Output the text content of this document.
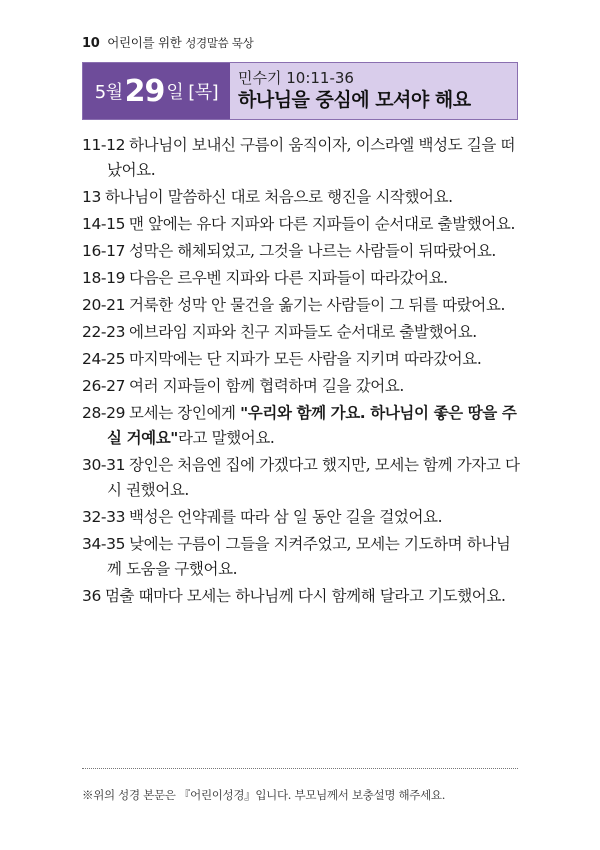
10 어린이를 위한 성경말씀 묵상
5월 29 일 [목]
민수기 10:11-36
하나님을 중심에 모셔야 해요
11-12 하나님이 보내신 구름이 움직이자, 이스라엘 백성도 길을 떠났어요.
13 하나님이 말씀하신 대로 처음으로 행진을 시작했어요.
14-15 맨 앞에는 유다 지파와 다른 지파들이 순서대로 출발했어요.
16-17 성막은 해체되었고, 그것을 나르는 사람들이 뒤따랐어요.
18-19 다음은 르우벤 지파와 다른 지파들이 따라갔어요.
20-21 거룩한 성막 안 물건을 옮기는 사람들이 그 뒤를 따랐어요.
22-23 에브라임 지파와 친구 지파들도 순서대로 출발했어요.
24-25 마지막에는 단 지파가 모든 사람을 지키며 따라갔어요.
26-27 여러 지파들이 함께 협력하며 길을 갔어요.
28-29 모세는 장인에게 "우리와 함께 가요. 하나님이 좋은 땅을 주실 거예요"라고 말했어요.
30-31 장인은 처음엔 집에 가겠다고 했지만, 모세는 함께 가자고 다시 권했어요.
32-33 백성은 언약궤를 따라 삼 일 동안 길을 걸었어요.
34-35 낮에는 구름이 그들을 지켜주었고, 모세는 기도하며 하나님께 도움을 구했어요.
36 멈출 때마다 모세는 하나님께 다시 함께해 달라고 기도했어요.
※위의 성경 본문은 『어린이성경』입니다. 부모님께서 보충설명 해주세요.
